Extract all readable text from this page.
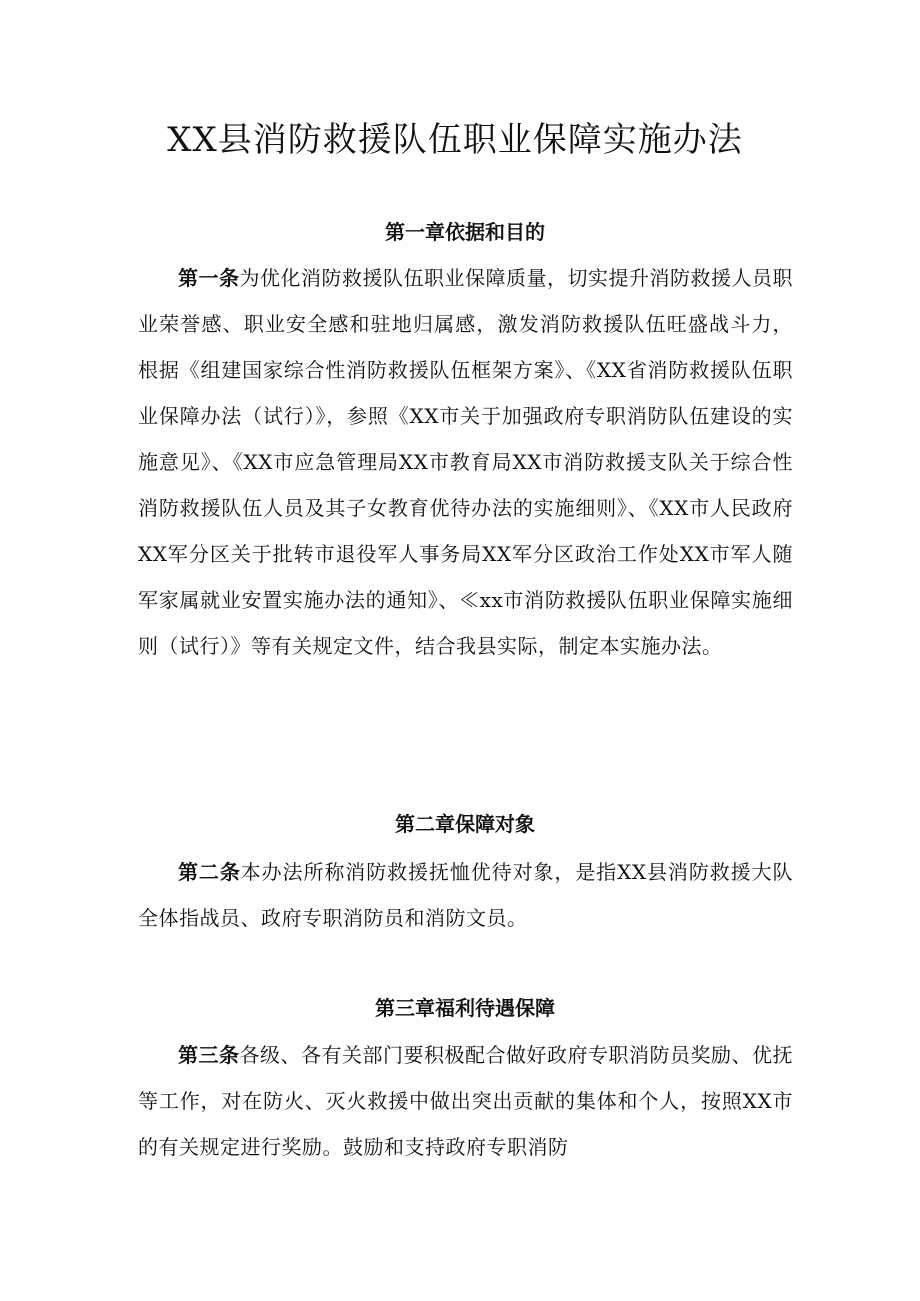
XX县消防救援队伍职业保障实施办法
第一章依据和目的

第一条为优化消防救援队伍职业保障质量，切实提升消防救援人员职业荣誉感、职业安全感和驻地归属感，激发消防救援队伍旺盛战斗力，根据《组建国家综合性消防救援队伍框架方案》、《XX省消防救援队伍职业保障办法（试行）》，参照《XX市关于加强政府专职消防队伍建设的实施意见》、《XX市应急管理局XX市教育局XX市消防救援支队关于综合性消防救援队伍人员及其子女教育优待办法的实施细则》、《XX市人民政府XX军分区关于批转市退役军人事务局XX军分区政治工作处XX市军人随军家属就业安置实施办法的通知》、≪xx市消防救援队伍职业保障实施细则（试行）》等有关规定文件，结合我县实际，制定本实施办法。

第二章保障对象

第二条本办法所称消防救援抚恤优待对象，是指XX县消防救援大队全体指战员、政府专职消防员和消防文员。

第三章福利待遇保障

第三条各级、各有关部门要积极配合做好政府专职消防员奖励、优抚等工作，对在防火、灭火救援中做出突出贡献的集体和个人，按照XX市的有关规定进行奖励。鼓励和支持政府专职消防
